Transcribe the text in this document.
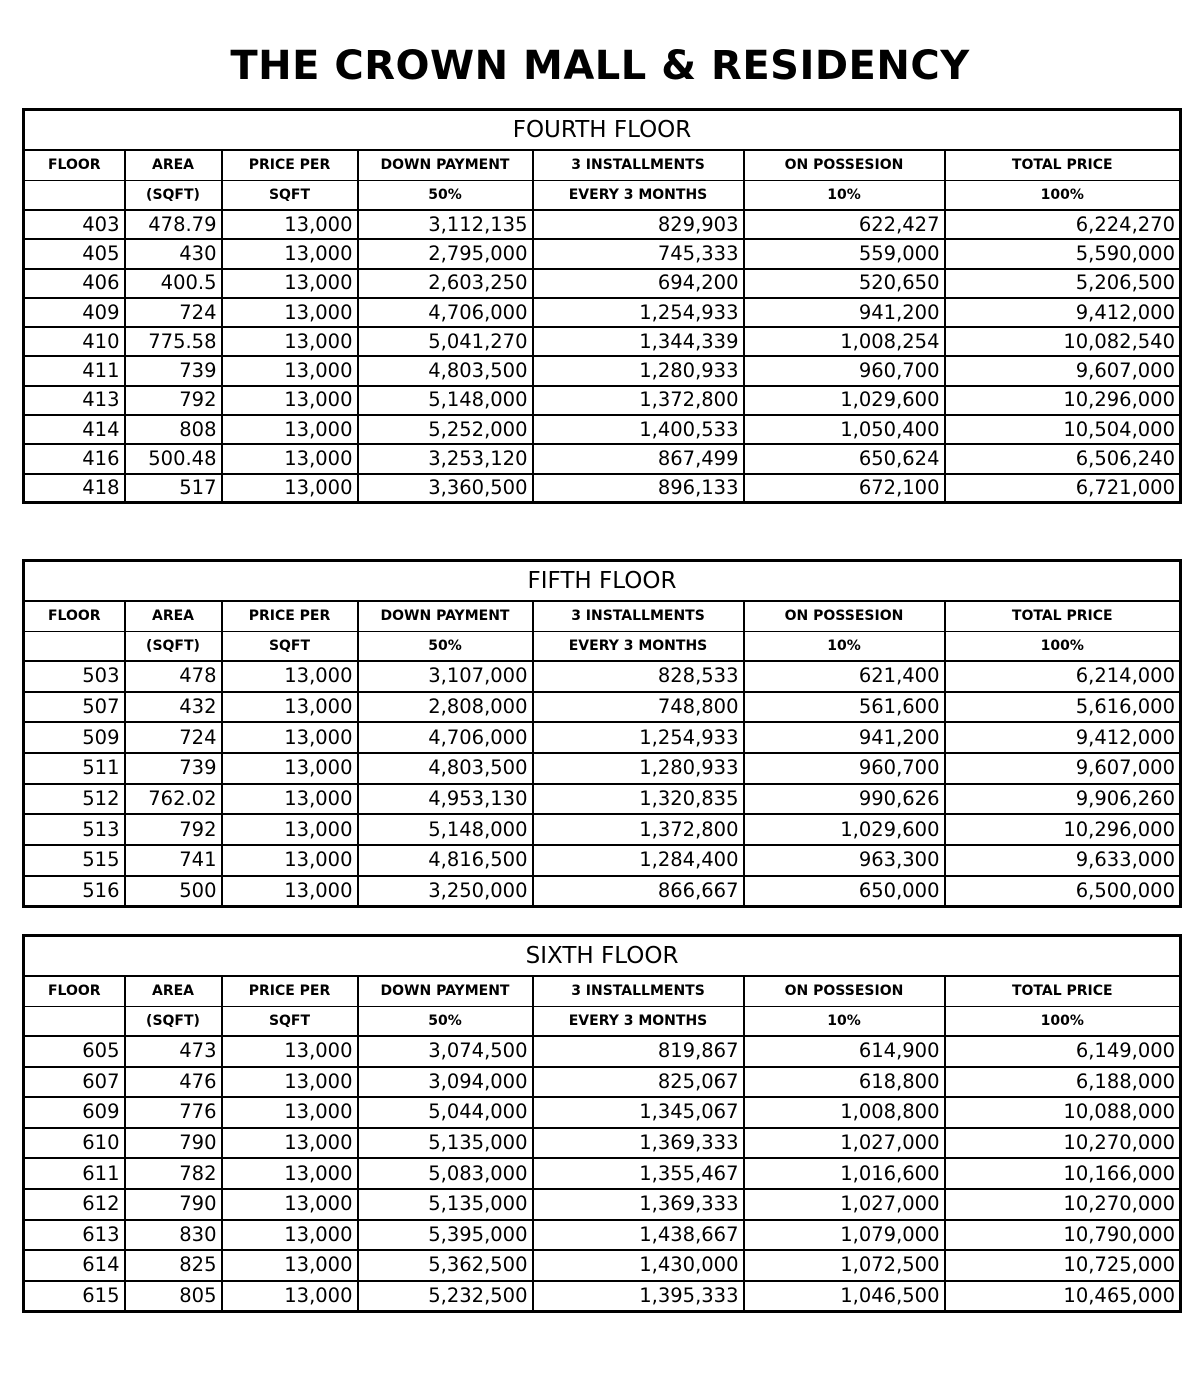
THE CROWN MALL & RESIDENCY
FOURTH FLOOR						
FLOOR	AREA	PRICE PER	DOWN PAYMENT	3 INSTALLMENTS	ON POSSESION	TOTAL PRICE
	(SQFT)	SQFT	50%	EVERY 3 MONTHS	10%	100%
403	478.79	13,000	3,112,135	829,903	622,427	6,224,270
405	430	13,000	2,795,000	745,333	559,000	5,590,000
406	400.5	13,000	2,603,250	694,200	520,650	5,206,500
409	724	13,000	4,706,000	1,254,933	941,200	9,412,000
410	775.58	13,000	5,041,270	1,344,339	1,008,254	10,082,540
411	739	13,000	4,803,500	1,280,933	960,700	9,607,000
413	792	13,000	5,148,000	1,372,800	1,029,600	10,296,000
414	808	13,000	5,252,000	1,400,533	1,050,400	10,504,000
416	500.48	13,000	3,253,120	867,499	650,624	6,506,240
418	517	13,000	3,360,500	896,133	672,100	6,721,000
FIFTH FLOOR						
FLOOR	AREA	PRICE PER	DOWN PAYMENT	3 INSTALLMENTS	ON POSSESION	TOTAL PRICE
	(SQFT)	SQFT	50%	EVERY 3 MONTHS	10%	100%
503	478	13,000	3,107,000	828,533	621,400	6,214,000
507	432	13,000	2,808,000	748,800	561,600	5,616,000
509	724	13,000	4,706,000	1,254,933	941,200	9,412,000
511	739	13,000	4,803,500	1,280,933	960,700	9,607,000
512	762.02	13,000	4,953,130	1,320,835	990,626	9,906,260
513	792	13,000	5,148,000	1,372,800	1,029,600	10,296,000
515	741	13,000	4,816,500	1,284,400	963,300	9,633,000
516	500	13,000	3,250,000	866,667	650,000	6,500,000
SIXTH FLOOR						
FLOOR	AREA	PRICE PER	DOWN PAYMENT	3 INSTALLMENTS	ON POSSESION	TOTAL PRICE
	(SQFT)	SQFT	50%	EVERY 3 MONTHS	10%	100%
605	473	13,000	3,074,500	819,867	614,900	6,149,000
607	476	13,000	3,094,000	825,067	618,800	6,188,000
609	776	13,000	5,044,000	1,345,067	1,008,800	10,088,000
610	790	13,000	5,135,000	1,369,333	1,027,000	10,270,000
611	782	13,000	5,083,000	1,355,467	1,016,600	10,166,000
612	790	13,000	5,135,000	1,369,333	1,027,000	10,270,000
613	830	13,000	5,395,000	1,438,667	1,079,000	10,790,000
614	825	13,000	5,362,500	1,430,000	1,072,500	10,725,000
615	805	13,000	5,232,500	1,395,333	1,046,500	10,465,000
